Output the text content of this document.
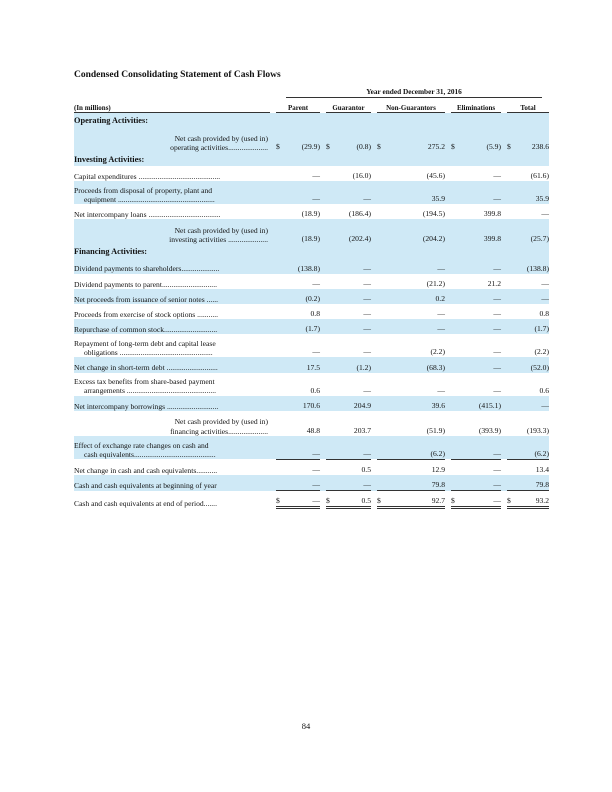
Condensed Consolidating Statement of Cash Flows
Year ended December 31, 2016
(In millions)		Parent			Guarantor			Non-Guarantors			Eliminations			Total	
Operating Activities:															

Net cash provided by (used in)
operating activities.....................		$	(29.9)		$	(0.8)		$	275.2		$	(5.9)		$	238.6
Investing Activities:															

Capital expenditures ...........................................			—			(16.0)			(45.6)			—			(61.6)

Proceeds from disposal of property, plant and
equipment ...................................................			—			—			35.9			—			35.9

Net intercompany loans ......................................			(18.9)			(186.4)			(194.5)			399.8			—

Net cash provided by (used in)
investing activities .....................			(18.9)			(202.4)			(204.2)			399.8			(25.7)
Financing Activities:															

Dividend payments to shareholders....................			(138.8)			—			—			—			(138.8)

Dividend payments to parent.............................			—			—			(21.2)			21.2			—

Net proceeds from issuance of senior notes ......			(0.2)			—			0.2			—			—

Proceeds from exercise of stock options ...........			0.8			—			—			—			0.8

Repurchase of common stock............................			(1.7)			—			—			—			(1.7)

Repayment of long-term debt and capital lease
obligations .................................................			—			—			(2.2)			—			(2.2)

Net change in short-term debt ...........................			17.5			(1.2)			(68.3)			—			(52.0)

Excess tax benefits from share-based payment
arrangements ...............................................			0.6			—			—			—			0.6

Net intercompany borrowings ...........................			170.6			204.9			39.6			(415.1)			—

Net cash provided by (used in)
financing activities.....................			48.8			203.7			(51.9)			(393.9)			(193.3)

Effect of exchange rate changes on cash and
cash equivalents...........................................			—			—			(6.2)			—			(6.2)

Net change in cash and cash equivalents...........			—			0.5			12.9			—			13.4

Cash and cash equivalents at beginning of year			—			—			79.8			—			79.8

Cash and cash equivalents at end of period.......		$	—		$	0.5		$	92.7		$	—		$	93.2
84
